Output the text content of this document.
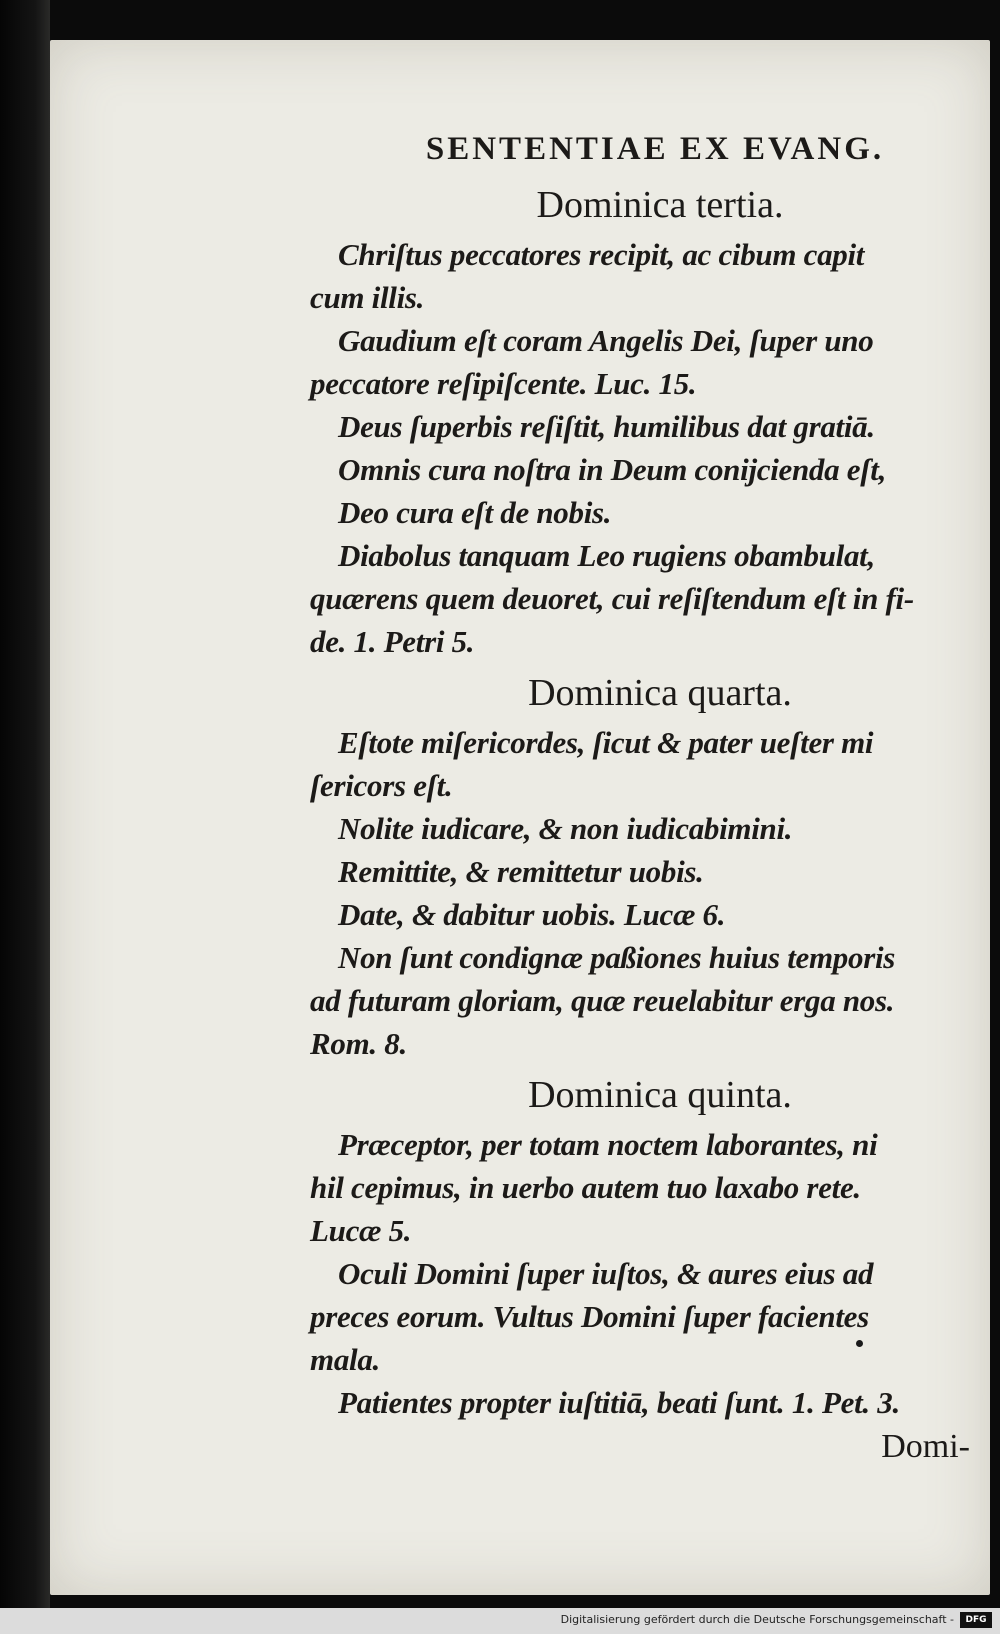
SENTENTIAE EX EVANG.
Dominica tertia.
Chriſtus peccatores recipit, ac cibum capit
cum illis.
Gaudium eſt coram Angelis Dei, ſuper uno
peccatore reſipiſcente. Luc. 15.
Deus ſuperbis reſiſtit, humilibus dat gratiā.
Omnis cura noſtra in Deum conijcienda eſt,
Deo cura eſt de nobis.
Diabolus tanquam Leo rugiens obambulat,
quærens quem deuoret, cui reſiſtendum eſt in fi-
de. 1. Petri 5.
Dominica quarta.
Eſtote miſericordes, ſicut & pater ueſter mi
ſericors eſt.
Nolite iudicare, & non iudicabimini.
Remittite, & remittetur uobis.
Date, & dabitur uobis. Lucæ 6.
Non ſunt condignæ paßiones huius temporis
ad futuram gloriam, quæ reuelabitur erga nos.
Rom. 8.
Dominica quinta.
Præceptor, per totam noctem laborantes, ni
hil cepimus, in uerbo autem tuo laxabo rete.
Lucæ 5.
Oculi Domini ſuper iuſtos, & aures eius ad
preces eorum. Vultus Domini ſuper facientes
mala.
Patientes propter iuſtitiā, beati ſunt. 1. Pet. 3.
Domi-
Digitalisierung gefördert durch die Deutsche Forschungsgemeinschaft -	DFG
